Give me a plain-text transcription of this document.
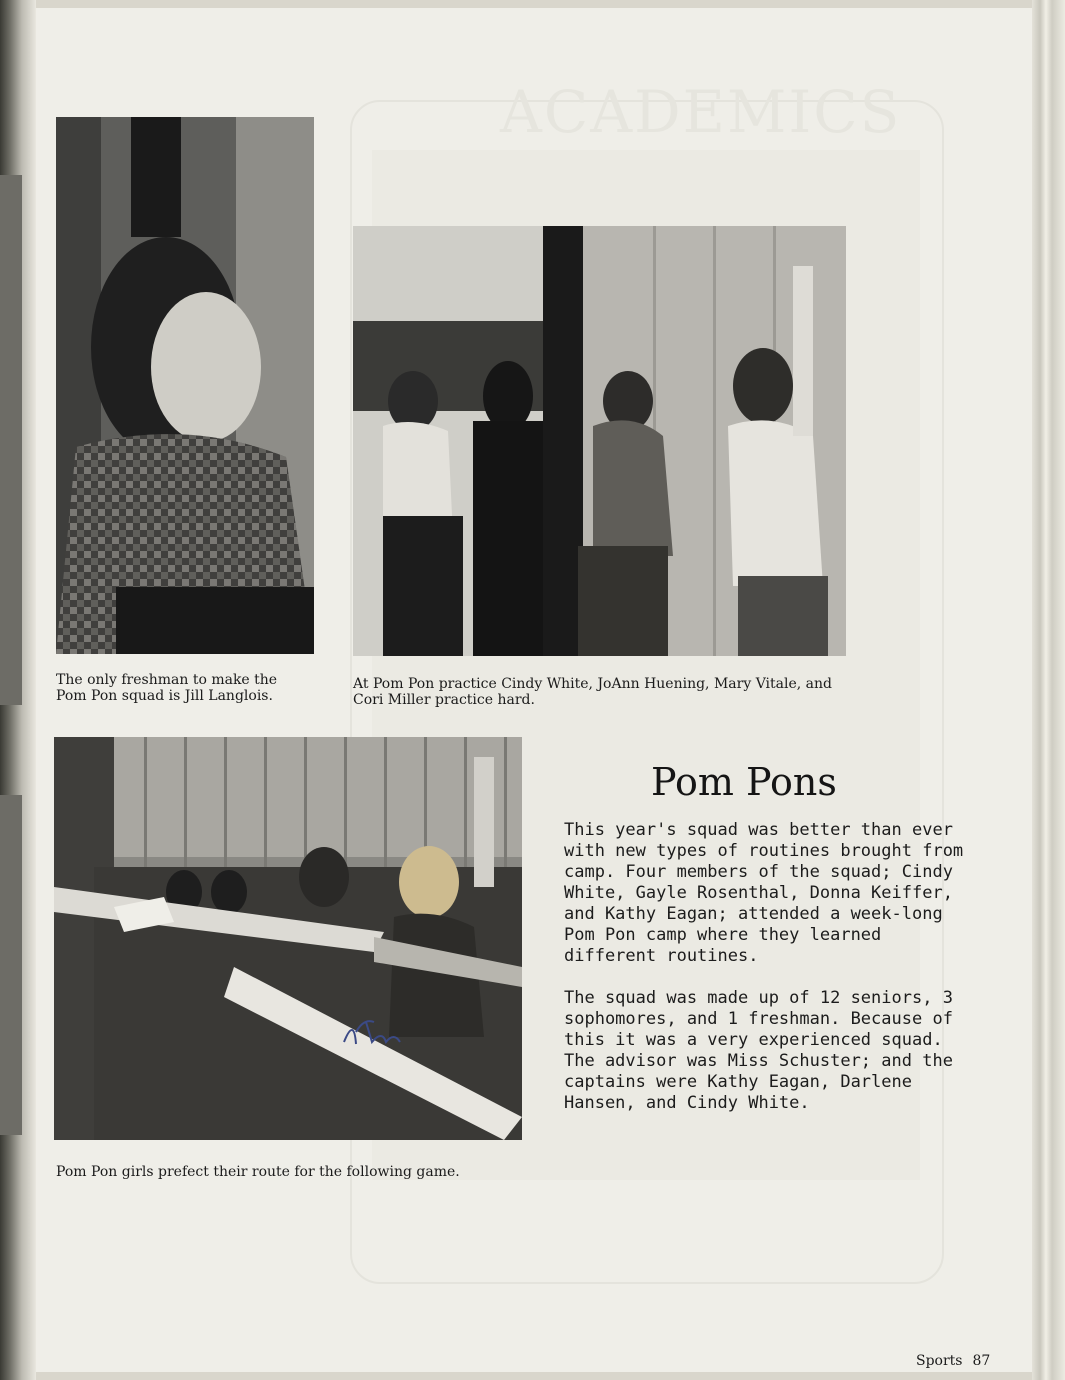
ACADEMICS

The only freshman to make the Pom Pon squad is Jill Langlois.

At Pom Pon practice Cindy White, JoAnn Huening, Mary Vitale, and Cori Miller practice hard.

Pom Pon girls prefect their route for the following game.

Pom Pons

This year's squad was better than ever with new types of routines brought from camp. Four members of the squad; Cindy White, Gayle Rosenthal, Donna Keiffer, and Kathy Eagan; attended a week-long Pom Pon camp where they learned different routines.

The squad was made up of 12 seniors, 3 sophomores, and 1 freshman. Because of this it was a very experienced squad. The advisor was Miss Schuster; and the captains were Kathy Eagan, Darlene Hansen, and Cindy White.

Sports 87
